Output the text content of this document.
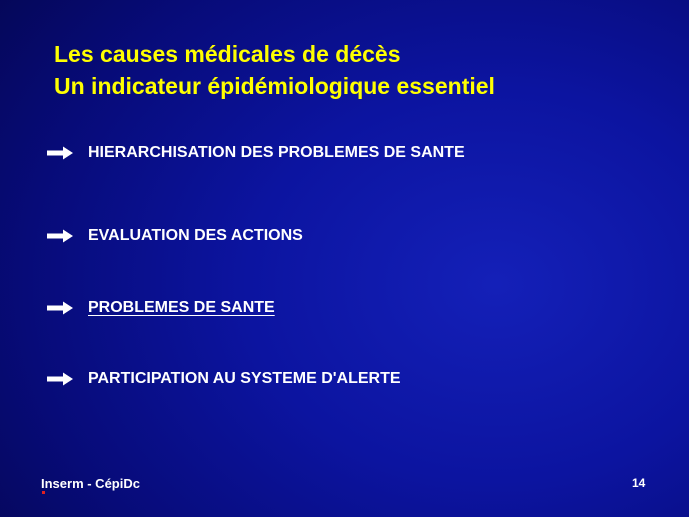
Les causes médicales de décès
Un indicateur épidémiologique essentiel
HIERARCHISATION DES PROBLEMES DE SANTE
EVALUATION DES ACTIONS
PROBLEMES DE SANTE
PARTICIPATION AU SYSTEME D'ALERTE
Inserm - CépiDc	14
